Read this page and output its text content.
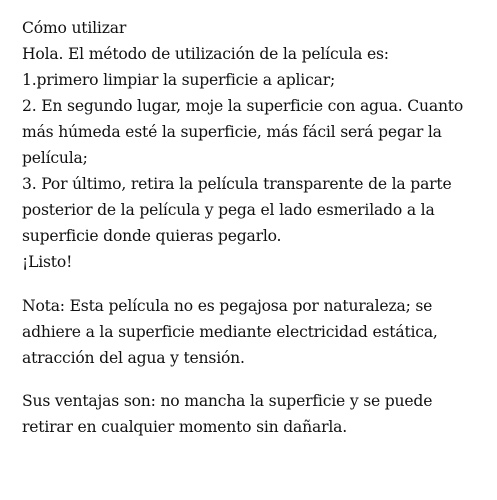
Cómo utilizar
Hola. El método de utilización de la película es:
1.primero limpiar la superficie a aplicar;
2. En segundo lugar, moje la superficie con agua. Cuanto
más húmeda esté la superficie, más fácil será pegar la
película;
3. Por último, retira la película transparente de la parte
posterior de la película y pega el lado esmerilado a la
superficie donde quieras pegarlo.
¡Listo!
Nota: Esta película no es pegajosa por naturaleza; se
adhiere a la superficie mediante electricidad estática,
atracción del agua y tensión.
Sus ventajas son: no mancha la superficie y se puede
retirar en cualquier momento sin dañarla.
